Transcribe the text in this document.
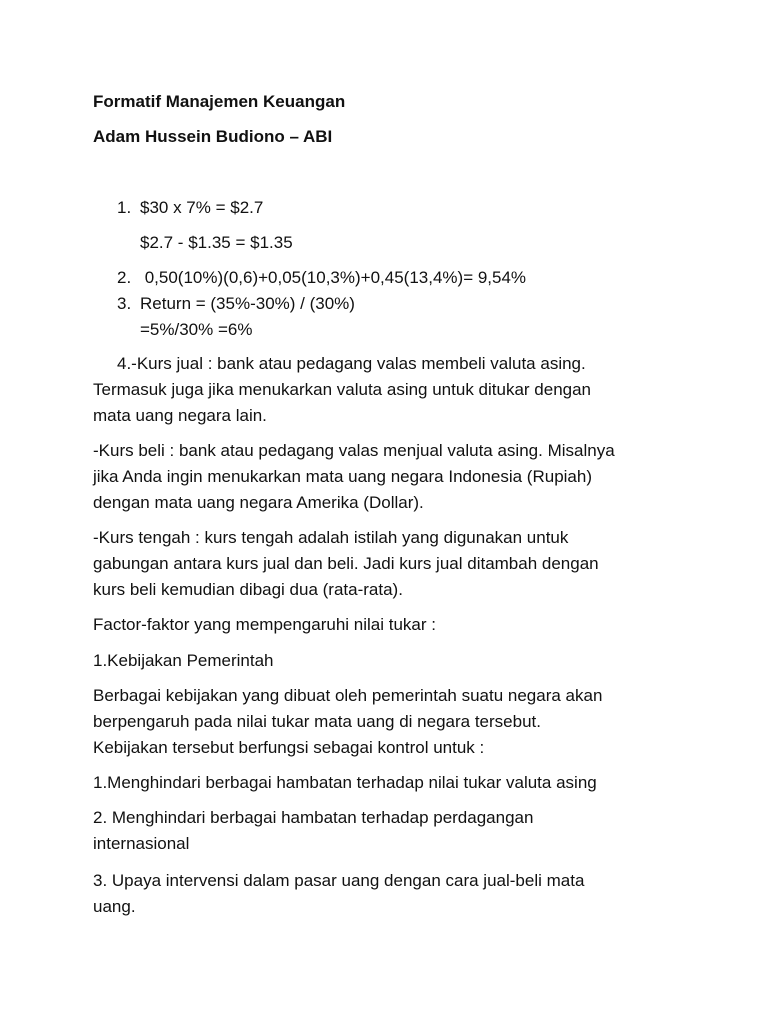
Formatif Manajemen Keuangan
Adam Hussein Budiono – ABI
1. $30 x 7% = $2.7
$2.7 - $1.35 = $1.35
2. 0,50(10%)(0,6)+0,05(10,3%)+0,45(13,4%)= 9,54%
3. Return = (35%-30%) / (30%)
=5%/30% =6%
4.-Kurs jual : bank atau pedagang valas membeli valuta asing.
Termasuk juga jika menukarkan valuta asing untuk ditukar dengan
mata uang negara lain.
-Kurs beli : bank atau pedagang valas menjual valuta asing. Misalnya
jika Anda ingin menukarkan mata uang negara Indonesia (Rupiah)
dengan mata uang negara Amerika (Dollar).
-Kurs tengah : kurs tengah adalah istilah yang digunakan untuk
gabungan antara kurs jual dan beli. Jadi kurs jual ditambah dengan
kurs beli kemudian dibagi dua (rata-rata).
Factor-faktor yang mempengaruhi nilai tukar :
1.Kebijakan Pemerintah
Berbagai kebijakan yang dibuat oleh pemerintah suatu negara akan
berpengaruh pada nilai tukar mata uang di negara tersebut.
Kebijakan tersebut berfungsi sebagai kontrol untuk :
1.Menghindari berbagai hambatan terhadap nilai tukar valuta asing
2. Menghindari berbagai hambatan terhadap perdagangan
internasional
3. Upaya intervensi dalam pasar uang dengan cara jual-beli mata
uang.
